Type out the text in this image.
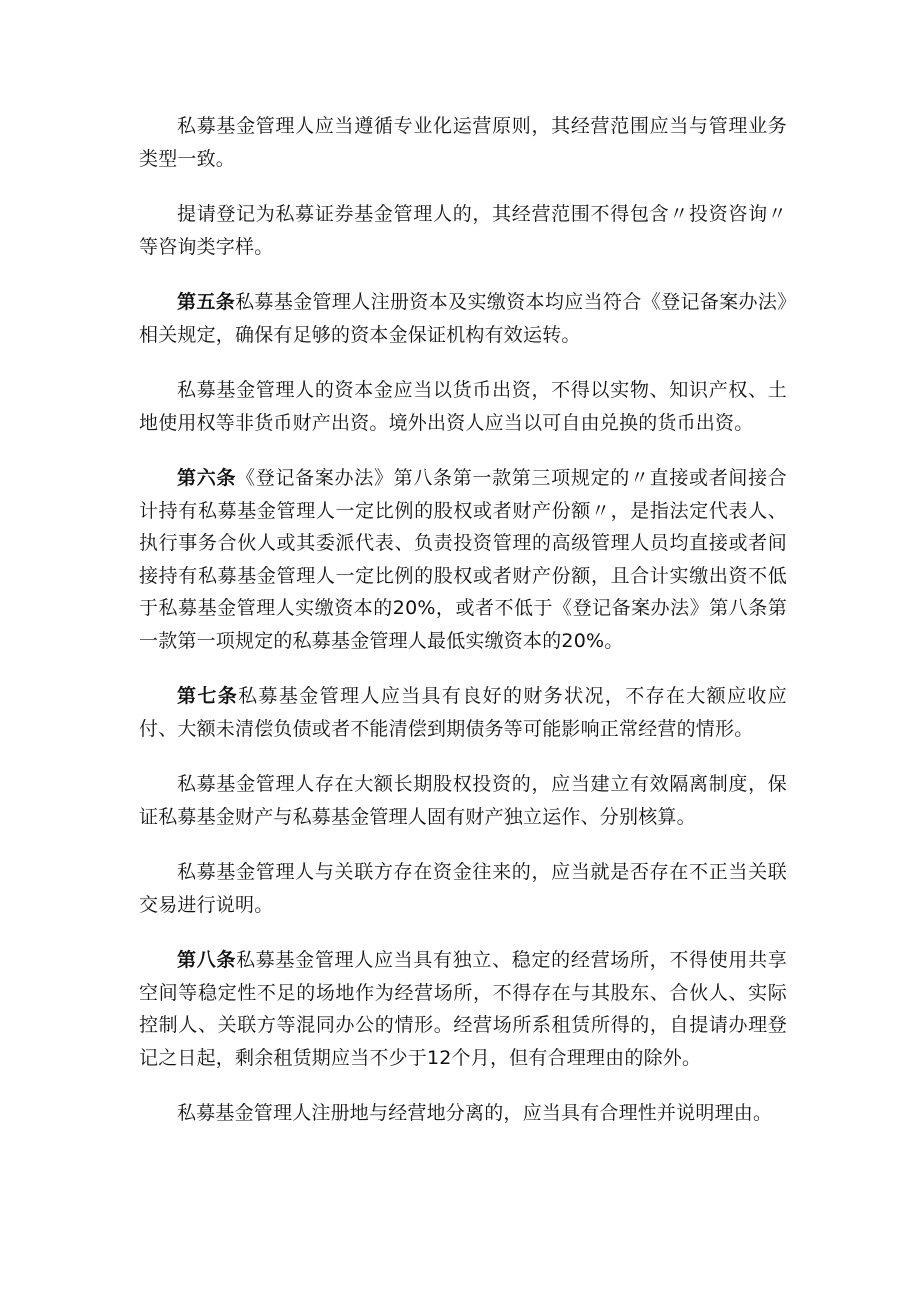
私募基金管理人应当遵循专业化运营原则，其经营范围应当与管理业务类型一致。

提请登记为私募证券基金管理人的，其经营范围不得包含〃投资咨询〃等咨询类字样。

第五条私募基金管理人注册资本及实缴资本均应当符合《登记备案办法》相关规定，确保有足够的资本金保证机构有效运转。

私募基金管理人的资本金应当以货币出资，不得以实物、知识产权、土地使用权等非货币财产出资。境外出资人应当以可自由兑换的货币出资。

第六条《登记备案办法》第八条第一款第三项规定的〃直接或者间接合计持有私募基金管理人一定比例的股权或者财产份额〃，是指法定代表人、执行事务合伙人或其委派代表、负责投资管理的高级管理人员均直接或者间接持有私募基金管理人一定比例的股权或者财产份额，且合计实缴出资不低于私募基金管理人实缴资本的20%，或者不低于《登记备案办法》第八条第一款第一项规定的私募基金管理人最低实缴资本的20%。

第七条私募基金管理人应当具有良好的财务状况，不存在大额应收应付、大额未清偿负债或者不能清偿到期债务等可能影响正常经营的情形。

私募基金管理人存在大额长期股权投资的，应当建立有效隔离制度，保证私募基金财产与私募基金管理人固有财产独立运作、分别核算。

私募基金管理人与关联方存在资金往来的，应当就是否存在不正当关联交易进行说明。

第八条私募基金管理人应当具有独立、稳定的经营场所，不得使用共享空间等稳定性不足的场地作为经营场所，不得存在与其股东、合伙人、实际控制人、关联方等混同办公的情形。经营场所系租赁所得的，自提请办理登记之日起，剩余租赁期应当不少于12个月，但有合理理由的除外。

私募基金管理人注册地与经营地分离的，应当具有合理性并说明理由。
